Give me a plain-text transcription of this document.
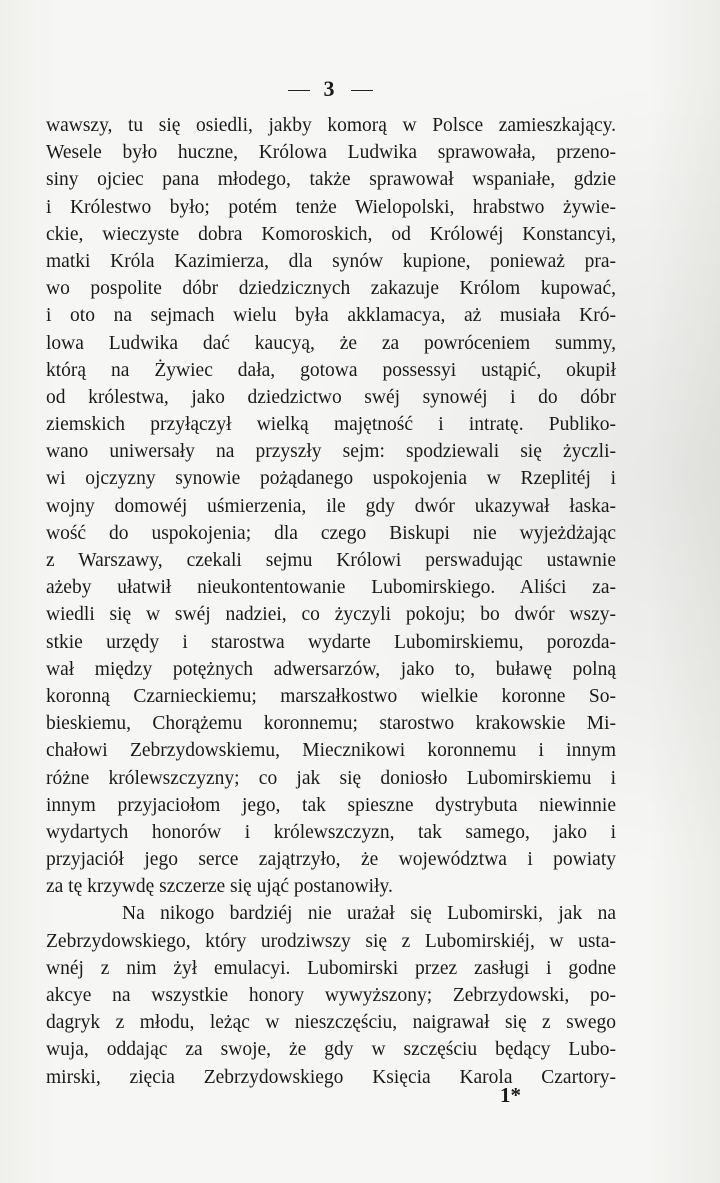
3
wawszy, tu się osiedli, jakby komorą w Polsce zamieszkający.
Wesele było huczne, Królowa Ludwika sprawowała, przeno-
siny ojciec pana młodego, także sprawował wspaniałe, gdzie
i Królestwo było; potém tenże Wielopolski, hrabstwo żywie-
ckie, wieczyste dobra Komoroskich, od Królowéj Konstancyi,
matki Króla Kazimierza, dla synów kupione, ponieważ pra-
wo pospolite dóbr dziedzicznych zakazuje Królom kupować,
i oto na sejmach wielu była akklamacya, aż musiała Kró-
lowa Ludwika dać kaucyą, że za powróceniem summy,
którą na Żywiec dała, gotowa possessyi ustąpić, okupił
od królestwa, jako dziedzictwo swéj synowéj i do dóbr
ziemskich przyłączył wielką majętność i intratę. Publiko-
wano uniwersały na przyszły sejm: spodziewali się życzli-
wi ojczyzny synowie pożądanego uspokojenia w Rzeplitéj i
wojny domowéj uśmierzenia, ile gdy dwór ukazywał łaska-
wość do uspokojenia; dla czego Biskupi nie wyjeżdżając
z Warszawy, czekali sejmu Królowi perswadując ustawnie
ażeby ułatwił nieukontentowanie Lubomirskiego. Aliści za-
wiedli się w swéj nadziei, co życzyli pokoju; bo dwór wszy-
stkie urzędy i starostwa wydarte Lubomirskiemu, porozda-
wał między potężnych adwersarzów, jako to, buławę polną
koronną Czarnieckiemu; marszałkostwo wielkie koronne So-
bieskiemu, Chorążemu koronnemu; starostwo krakowskie Mi-
chałowi Zebrzydowskiemu, Miecznikowi koronnemu i innym
różne królewszczyzny; co jak się doniosło Lubomirskiemu i
innym przyjaciołom jego, tak spieszne dystrybuta niewinnie
wydartych honorów i królewszczyzn, tak samego, jako i
przyjaciół jego serce zajątrzyło, że województwa i powiaty
za tę krzywdę szczerze się ująć postanowiły.
Na nikogo bardziéj nie urażał się Lubomirski, jak na
Zebrzydowskiego, który urodziwszy się z Lubomirskiéj, w usta-
wnéj z nim żył emulacyi. Lubomirski przez zasługi i godne
akcye na wszystkie honory wywyższony; Zebrzydowski, po-
dagryk z młodu, leżąc w nieszczęściu, naigrawał się z swego
wuja, oddając za swoje, że gdy w szczęściu będący Lubo-
mirski, zięcia Zebrzydowskiego Księcia Karola Czartory-
1*
